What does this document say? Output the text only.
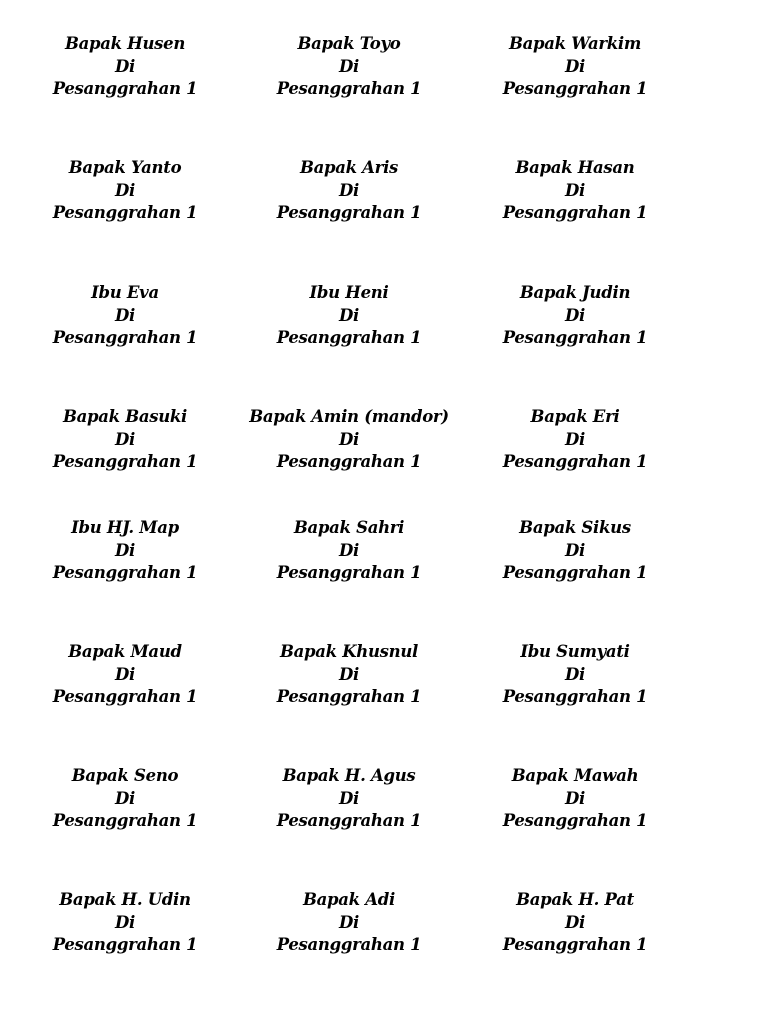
Bapak Husen
Di
Pesanggrahan 1
Bapak Toyo
Di
Pesanggrahan 1
Bapak Warkim
Di
Pesanggrahan 1
Bapak Yanto
Di
Pesanggrahan 1
Bapak Aris
Di
Pesanggrahan 1
Bapak Hasan
Di
Pesanggrahan 1
Ibu Eva
Di
Pesanggrahan 1
Ibu Heni
Di
Pesanggrahan 1
Bapak Judin
Di
Pesanggrahan 1
Bapak Basuki
Di
Pesanggrahan 1
Bapak Amin (mandor)
Di
Pesanggrahan 1
Bapak Eri
Di
Pesanggrahan 1
Ibu HJ. Map
Di
Pesanggrahan 1
Bapak Sahri
Di
Pesanggrahan 1
Bapak Sikus
Di
Pesanggrahan 1
Bapak Maud
Di
Pesanggrahan 1
Bapak Khusnul
Di
Pesanggrahan 1
Ibu Sumyati
Di
Pesanggrahan 1
Bapak Seno
Di
Pesanggrahan 1
Bapak H. Agus
Di
Pesanggrahan 1
Bapak Mawah
Di
Pesanggrahan 1
Bapak H. Udin
Di
Pesanggrahan 1
Bapak Adi
Di
Pesanggrahan 1
Bapak H. Pat
Di
Pesanggrahan 1
